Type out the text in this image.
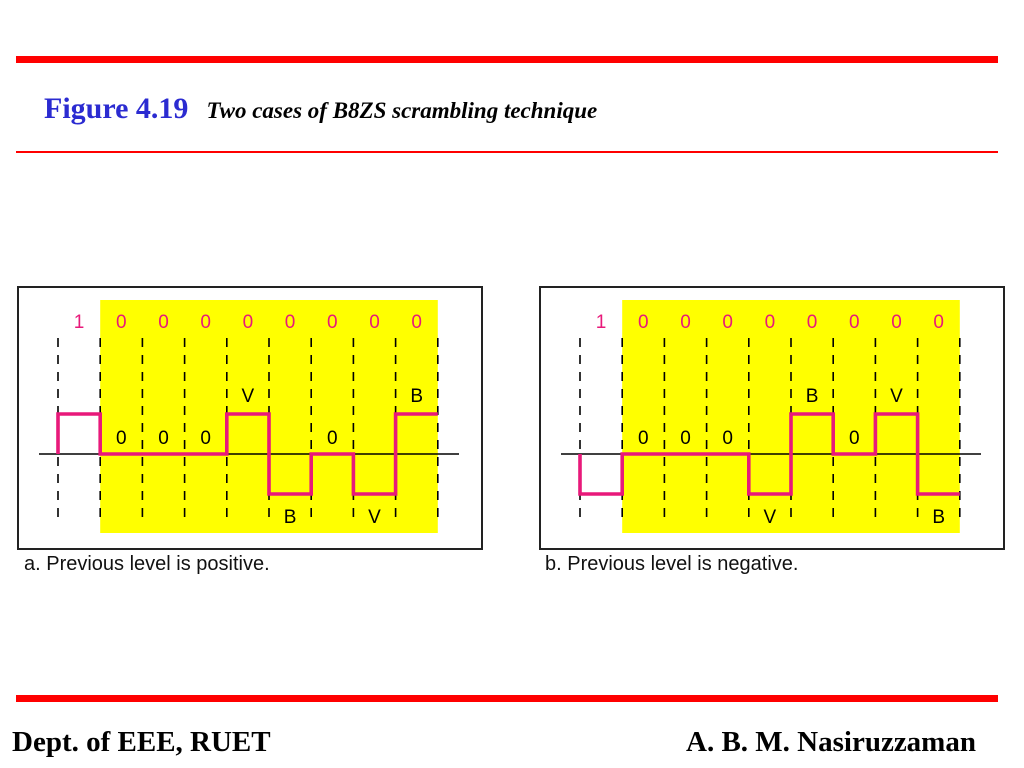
Figure 4.19 Two cases of B8ZS scrambling technique
1 0 0 0 0 0 0 0 0
0 0 0
V
B
0
V
B
a. Previous level is positive.
1 0 0 0 0 0 0 0 0
0 0 0
V
B
0
V
B
b. Previous level is negative.
Dept. of EEE, RUET	A. B. M. Nasiruzzaman
